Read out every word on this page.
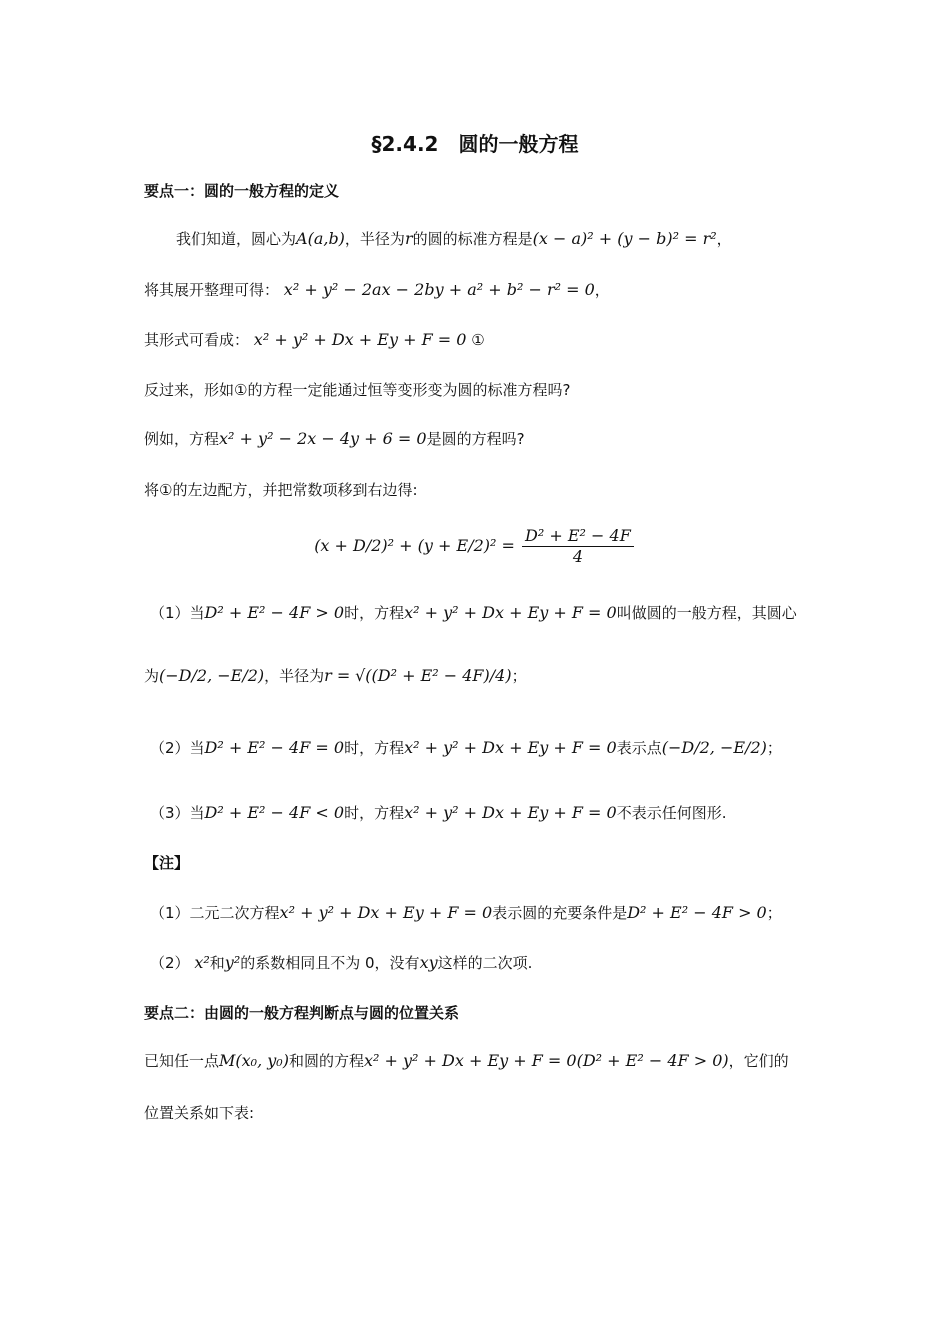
§2.4.2　圆的一般方程
要点一：圆的一般方程的定义
我们知道，圆心为A(a,b)，半径为r的圆的标准方程是(x − a)² + (y − b)² = r²，
将其展开整理可得： x² + y² − 2ax − 2by + a² + b² − r² = 0，
其形式可看成： x² + y² + Dx + Ey + F = 0 ①
反过来，形如①的方程一定能通过恒等变形变为圆的标准方程吗?
例如，方程x² + y² − 2x − 4y + 6 = 0是圆的方程吗?
将①的左边配方，并把常数项移到右边得:
$(x + D/2)^2 + (y + E/2)^2 = \frac{\text{D² + E² − 4F}}{4}$
（1）当D² + E² − 4F > 0时，方程x² + y² + Dx + Ey + F = 0叫做圆的一般方程，其圆心
为(−D/2, −E/2)，半径为r = √((D² + E² − 4F)/4)；
（2）当D² + E² − 4F = 0时，方程x² + y² + Dx + Ey + F = 0表示点(−D/2, −E/2)；
（3）当D² + E² − 4F < 0时，方程x² + y² + Dx + Ey + F = 0不表示任何图形.
【注】
（1）二元二次方程x² + y² + Dx + Ey + F = 0表示圆的充要条件是D² + E² − 4F > 0；
（2） x²和y²的系数相同且不为 0，没有xy这样的二次项.
要点二：由圆的一般方程判断点与圆的位置关系
已知任一点M(x₀, y₀)和圆的方程x² + y² + Dx + Ey + F = 0(D² + E² − 4F > 0)，它们的
位置关系如下表:
